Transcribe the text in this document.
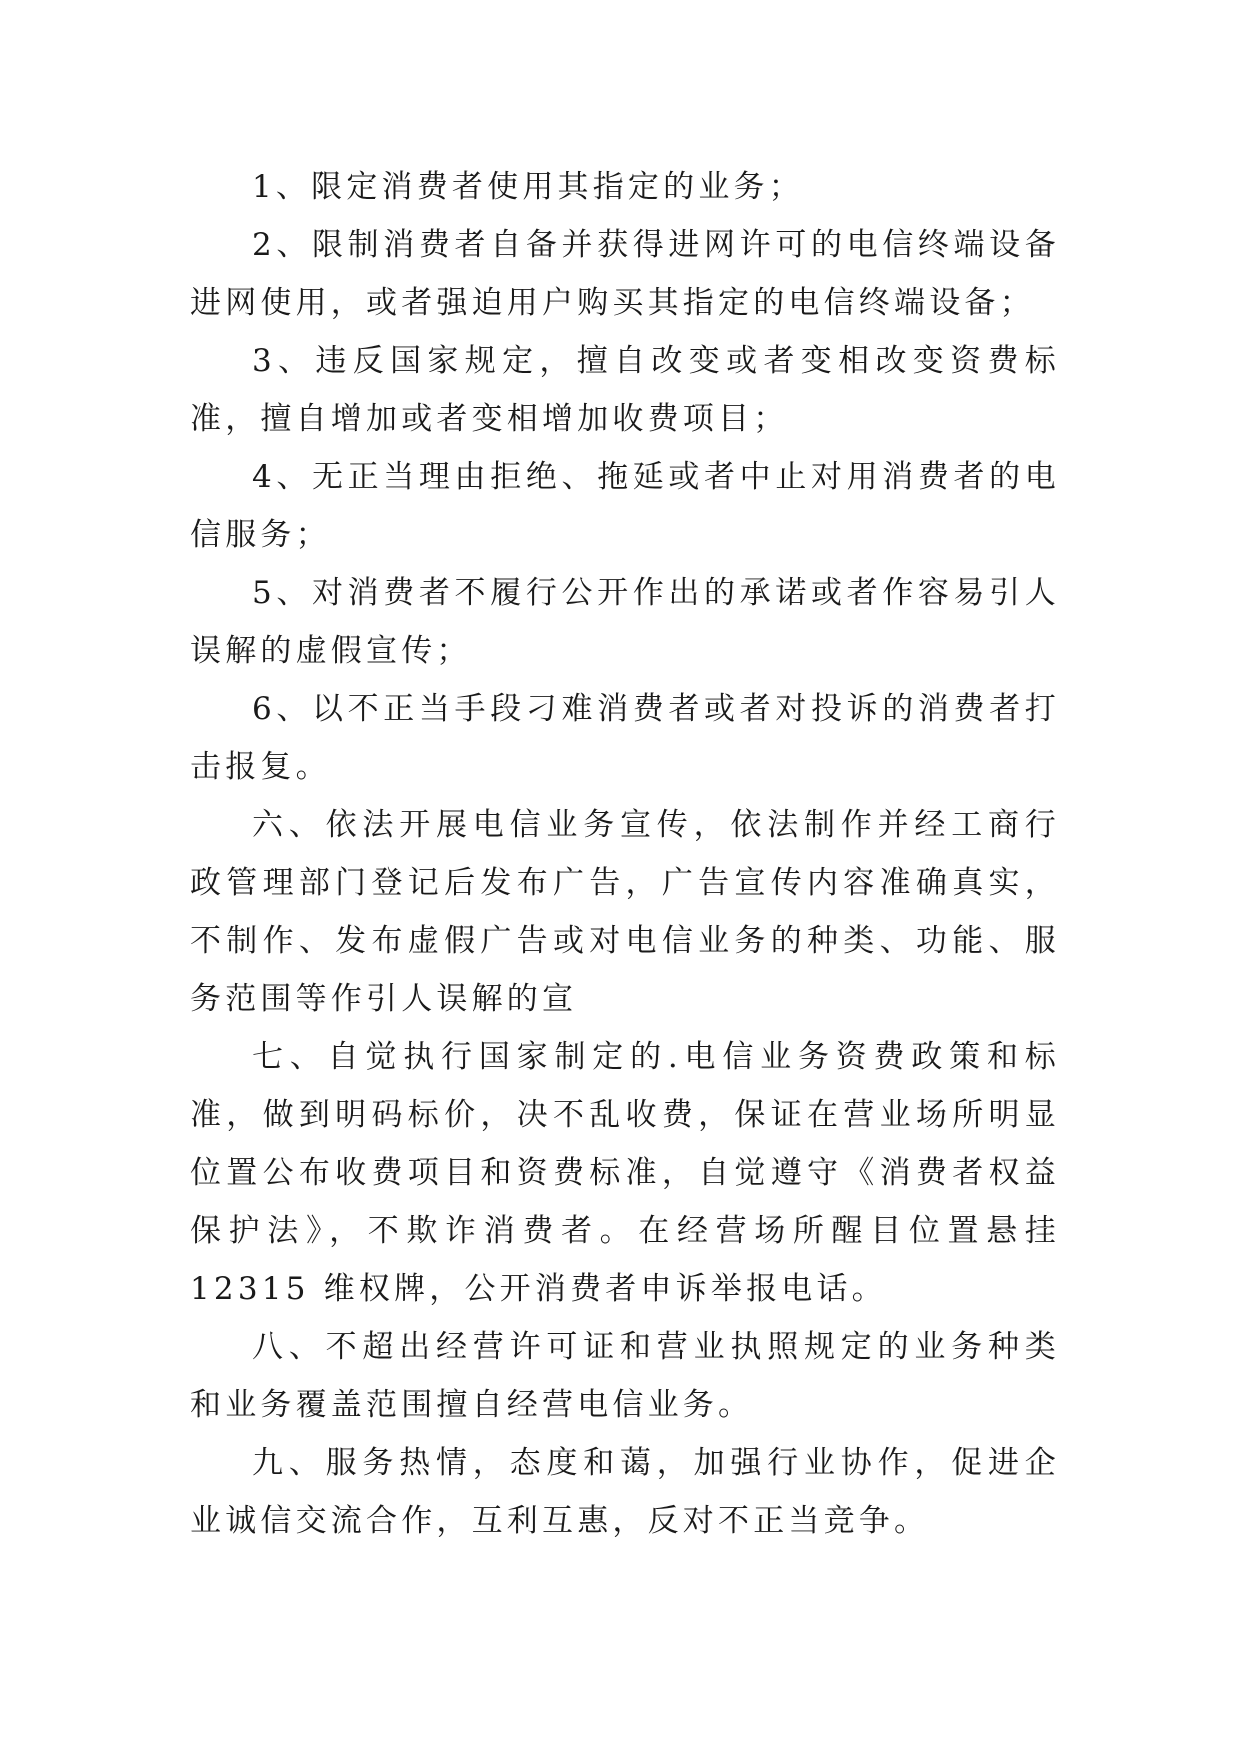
1、限定消费者使用其指定的业务；

2、限制消费者自备并获得进网许可的电信终端设备进网使用，或者强迫用户购买其指定的电信终端设备；

3、违反国家规定，擅自改变或者变相改变资费标准，擅自增加或者变相增加收费项目；

4、无正当理由拒绝、拖延或者中止对用消费者的电信服务；

5、对消费者不履行公开作出的承诺或者作容易引人误解的虚假宣传；

6、以不正当手段刁难消费者或者对投诉的消费者打击报复。

六、依法开展电信业务宣传，依法制作并经工商行政管理部门登记后发布广告，广告宣传内容准确真实，不制作、发布虚假广告或对电信业务的种类、功能、服务范围等作引人误解的宣

七、自觉执行国家制定的.电信业务资费政策和标准，做到明码标价，决不乱收费，保证在营业场所明显位置公布收费项目和资费标准，自觉遵守《消费者权益保护法》，不欺诈消费者。在经营场所醒目位置悬挂 12315 维权牌，公开消费者申诉举报电话。

八、不超出经营许可证和营业执照规定的业务种类和业务覆盖范围擅自经营电信业务。

九、服务热情，态度和蔼，加强行业协作，促进企业诚信交流合作，互利互惠，反对不正当竞争。
